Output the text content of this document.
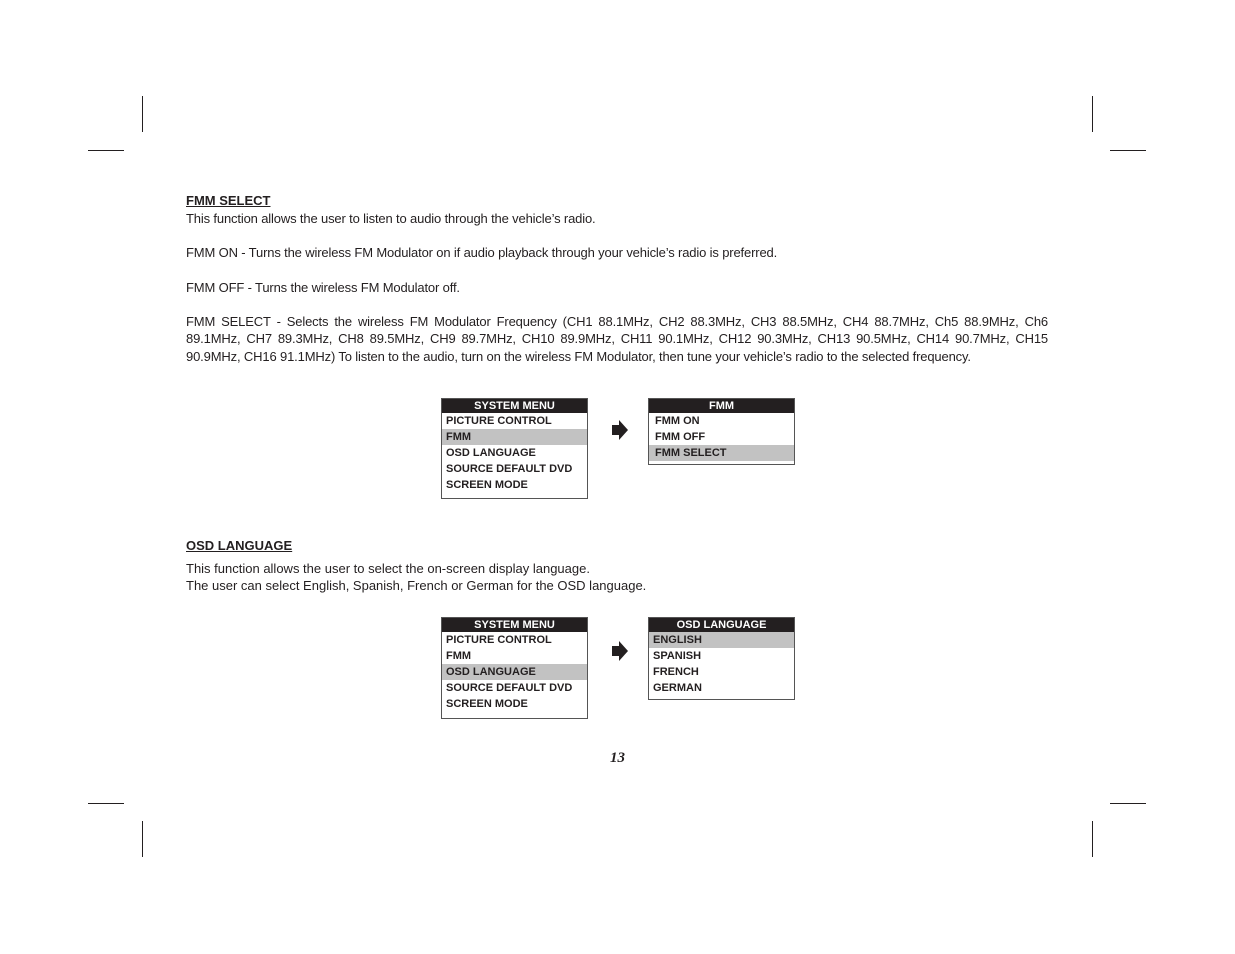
FMM SELECT

This function allows the user to listen to audio through the vehicle’s radio.

FMM ON - Turns the wireless FM Modulator on if audio playback through your vehicle’s radio is preferred.

FMM OFF - Turns the wireless FM Modulator off.

FMM SELECT - Selects the wireless FM Modulator Frequency (CH1 88.1MHz, CH2 88.3MHz, CH3 88.5MHz, CH4 88.7MHz, Ch5 88.9MHz, Ch6 89.1MHz, CH7 89.3MHz, CH8 89.5MHz, CH9 89.7MHz, CH10 89.9MHz, CH11 90.1MHz, CH12 90.3MHz, CH13 90.5MHz, CH14 90.7MHz, CH15 90.9MHz, CH16 91.1MHz) To listen to the audio, turn on the wireless FM Modulator, then tune your vehicle’s radio to the selected frequency.

SYSTEM MENU
PICTURE CONTROL
FMM
OSD LANGUAGE
SOURCE DEFAULT DVD
SCREEN MODE
FMM
FMM ON
FMM OFF
FMM SELECT
OSD LANGUAGE

This function allows the user to select the on-screen display language.

The user can select English, Spanish, French or German for the OSD language.

SYSTEM MENU
PICTURE CONTROL
FMM
OSD LANGUAGE
SOURCE DEFAULT DVD
SCREEN MODE
OSD LANGUAGE
ENGLISH
SPANISH
FRENCH
GERMAN
13
